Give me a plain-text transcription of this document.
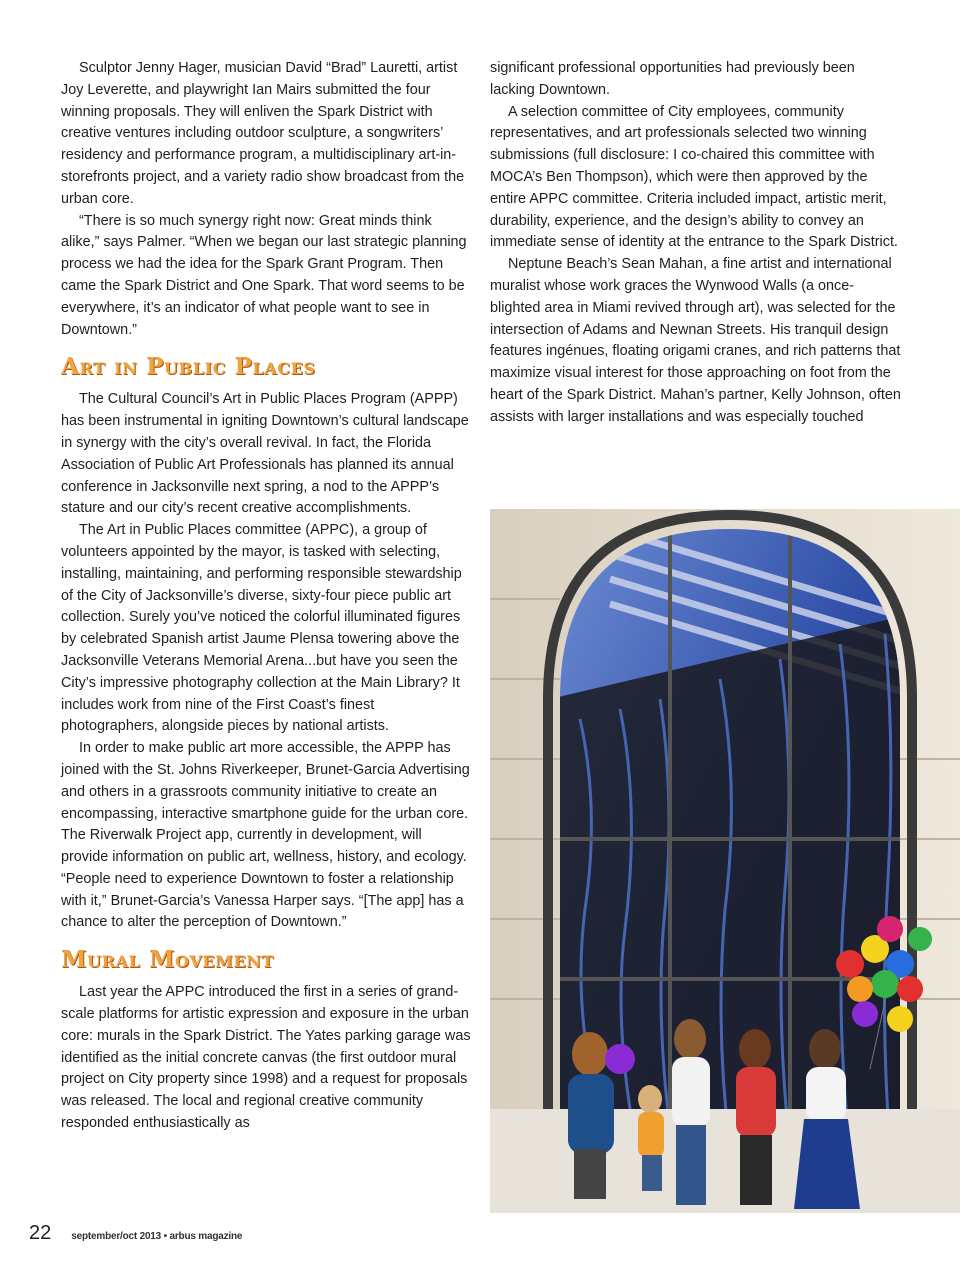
Sculptor Jenny Hager, musician David “Brad” Lauretti, artist Joy Leverette, and playwright Ian Mairs submitted the four winning proposals. They will enliven the Spark District with creative ventures including outdoor sculpture, a songwriters’ residency and performance program, a multidisciplinary art-in-storefronts project, and a variety radio show broadcast from the urban core.

“There is so much synergy right now: Great minds think alike,” says Palmer. “When we began our last strategic planning process we had the idea for the Spark Grant Program. Then came the Spark District and One Spark. That word seems to be everywhere, it’s an indicator of what people want to see in Downtown.”

Art in Public Places

The Cultural Council’s Art in Public Places Program (APPP) has been instrumental in igniting Downtown’s cultural landscape in synergy with the city’s overall revival. In fact, the Florida Association of Public Art Professionals has planned its annual conference in Jacksonville next spring, a nod to the APPP’s stature and our city’s recent creative accomplishments.

The Art in Public Places committee (APPC), a group of volunteers appointed by the mayor, is tasked with selecting, installing, maintaining, and performing responsible stewardship of the City of Jacksonville’s diverse, sixty-four piece public art collection. Surely you’ve noticed the colorful illuminated figures by celebrated Spanish artist Jaume Plensa towering above the Jacksonville Veterans Memorial Arena...but have you seen the City’s impressive photography collection at the Main Library? It includes work from nine of the First Coast’s finest photographers, alongside pieces by national artists.

In order to make public art more accessible, the APPP has joined with the St. Johns Riverkeeper, Brunet-Garcia Advertising and others in a grassroots community initiative to create an encompassing, interactive smartphone guide for the urban core. The Riverwalk Project app, currently in development, will provide information on public art, wellness, history, and ecology. “People need to experience Downtown to foster a relationship with it,” Brunet-Garcia’s Vanessa Harper says. “[The app] has a chance to alter the perception of Downtown.”

Mural Movement

Last year the APPC introduced the first in a series of grand-scale platforms for artistic expression and exposure in the urban core: murals in the Spark District. The Yates parking garage was identified as the initial concrete canvas (the first outdoor mural project on City property since 1998) and a request for proposals was released. The local and regional creative community responded enthusiastically as

significant professional opportunities had previously been lacking Downtown.

A selection committee of City employees, community representatives, and art professionals selected two winning submissions (full disclosure: I co-chaired this committee with MOCA’s Ben Thompson), which were then approved by the entire APPC committee. Criteria included impact, artistic merit, durability, experience, and the design’s ability to convey an immediate sense of identity at the entrance to the Spark District.

Neptune Beach’s Sean Mahan, a fine artist and international muralist whose work graces the Wynwood Walls (a once-blighted area in Miami revived through art), was selected for the intersection of Adams and Newnan Streets. His tranquil design features ingénues, floating origami cranes, and rich patterns that maximize visual interest for those approaching on foot from the heart of the Spark District. Mahan’s partner, Kelly Johnson, often assists with larger installations and was especially touched

22 september/oct 2013 • arbus magazine
